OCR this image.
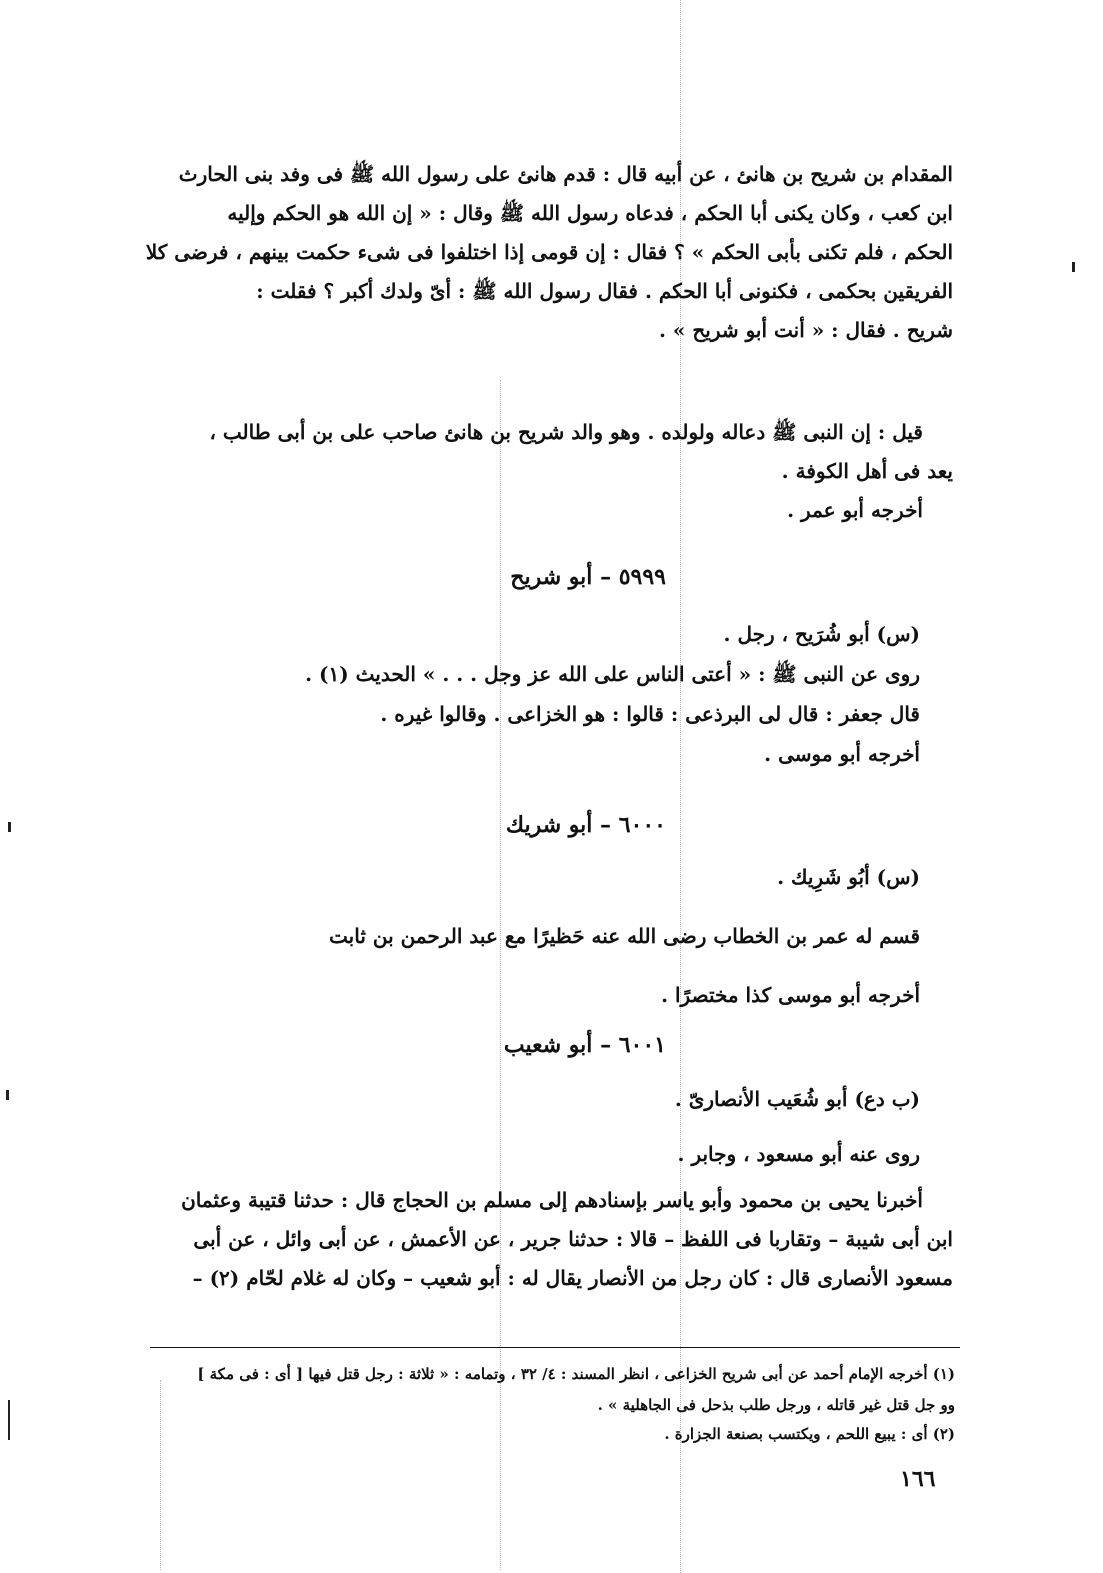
المقدام بن شريح بن هانئ ، عن أبيه قال : قدم هانئ على رسول الله ﷺ فى وفد بنى الحارث
ابن كعب ، وكان يكنى أبا الحكم ، فدعاه رسول الله ﷺ وقال : « إن الله هو الحكم وإليه
الحكم ، فلم تكنى بأبى الحكم » ؟ فقال : إن قومى إذا اختلفوا فى شىء حكمت بينهم ، فرضى كلا
الفريقين بحكمى ، فكنونى أبا الحكم . فقال رسول الله ﷺ : أىّ ولدك أكبر ؟ فقلت :
شريح . فقال : « أنت أبو شريح » .
قيل : إن النبى ﷺ دعاله ولولده . وهو والد شريح بن هانئ صاحب على بن أبى طالب ،
يعد فى أهل الكوفة .
أخرجه أبو عمر .
٥٩٩٩ – أبو شريح
(س) أبو شُرَيح ، رجل .
روى عن النبى ﷺ : « أعتى الناس على الله عز وجل . . . » الحديث (١) .
قال جعفر : قال لى البرذعى : قالوا : هو الخزاعى . وقالوا غيره .
أخرجه أبو موسى .
٦٠٠٠ – أبو شريك
(س) أبُو شَرِيك .
قسم له عمر بن الخطاب رضى الله عنه حَظيرًا مع عبد الرحمن بن ثابت
أخرجه أبو موسى كذا مختصرًا .
٦٠٠١ – أبو شعيب
(ب دع) أبو شُعَيب الأنصارىّ .
روى عنه أبو مسعود ، وجابر .
أخبرنا يحيى بن محمود وأبو ياسر بإسنادهم إلى مسلم بن الحجاج قال : حدثنا قتيبة وعثمان
ابن أبى شيبة – وتقاربا فى اللفظ – قالا : حدثنا جرير ، عن الأعمش ، عن أبى وائل ، عن أبى
مسعود الأنصارى قال : كان رجل من الأنصار يقال له : أبو شعيب – وكان له غلام لحّام (٢) –
(١) أخرجه الإمام أحمد عن أبى شريح الخزاعى ، انظر المسند : ٤/ ٣٢ ، وتمامه : « ثلاثة : رجل قتل فيها [ أى : فى مكة ]
وو جل قتل غير قاتله ، ورجل طلب بذحل فى الجاهلية » .
(٢) أى : يبيع اللحم ، ويكتسب بصنعة الجزارة .
١٦٦
